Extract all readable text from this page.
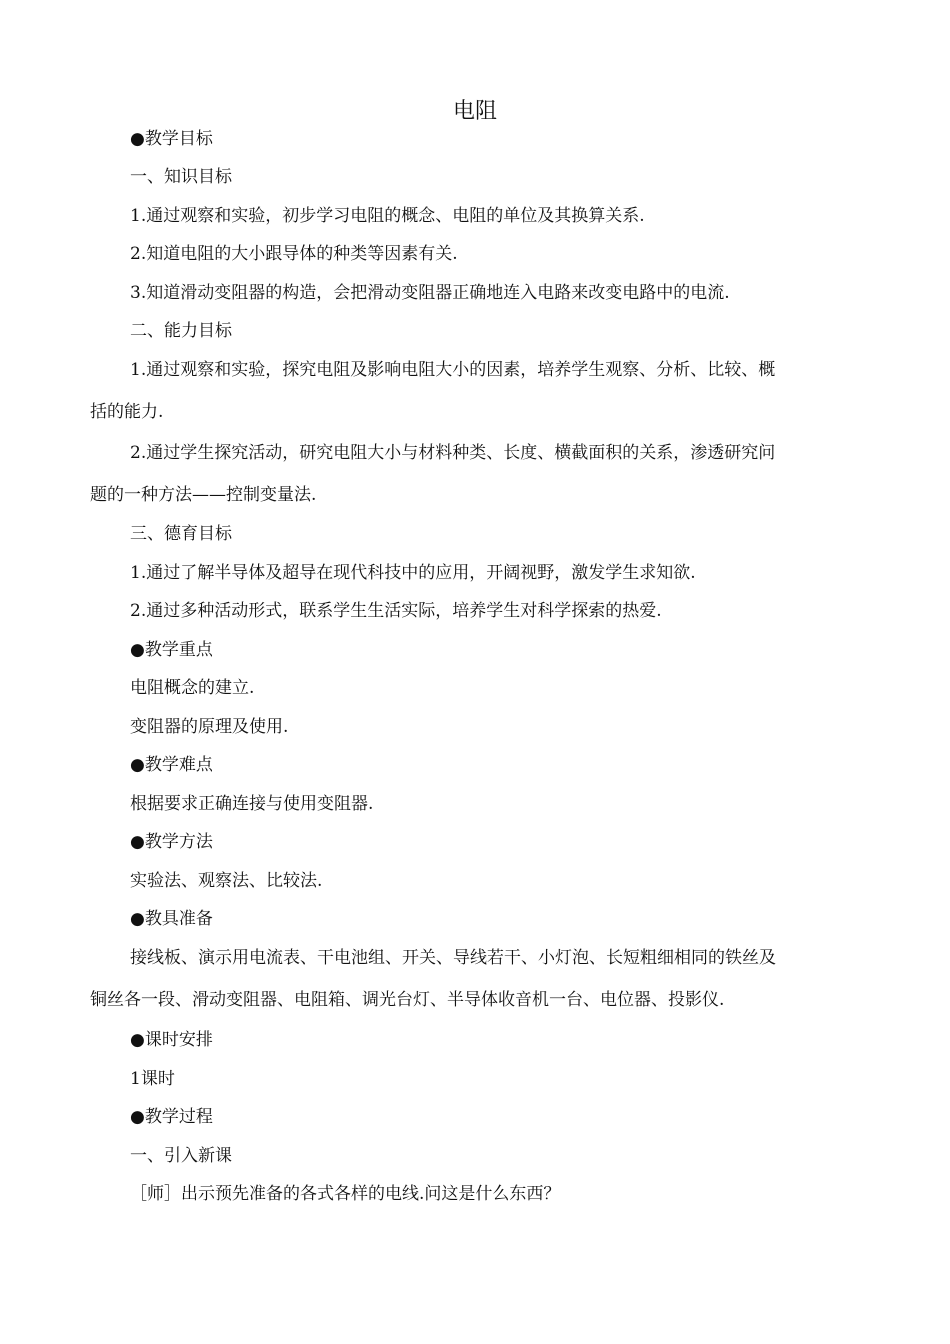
电阻

●教学目标

一、知识目标

1.通过观察和实验，初步学习电阻的概念、电阻的单位及其换算关系.

2.知道电阻的大小跟导体的种类等因素有关.

3.知道滑动变阻器的构造，会把滑动变阻器正确地连入电路来改变电路中的电流.

二、能力目标

1.通过观察和实验，探究电阻及影响电阻大小的因素，培养学生观察、分析、比较、概

括的能力.

2.通过学生探究活动，研究电阻大小与材料种类、长度、横截面积的关系，渗透研究问

题的一种方法——控制变量法.

三、德育目标

1.通过了解半导体及超导在现代科技中的应用，开阔视野，激发学生求知欲.

2.通过多种活动形式，联系学生生活实际，培养学生对科学探索的热爱.

●教学重点

电阻概念的建立.

变阻器的原理及使用.

●教学难点

根据要求正确连接与使用变阻器.

●教学方法

实验法、观察法、比较法.

●教具准备

接线板、演示用电流表、干电池组、开关、导线若干、小灯泡、长短粗细相同的铁丝及

铜丝各一段、滑动变阻器、电阻箱、调光台灯、半导体收音机一台、电位器、投影仪.

●课时安排

1课时

●教学过程

一、引入新课

［师］出示预先准备的各式各样的电线.问这是什么东西？
